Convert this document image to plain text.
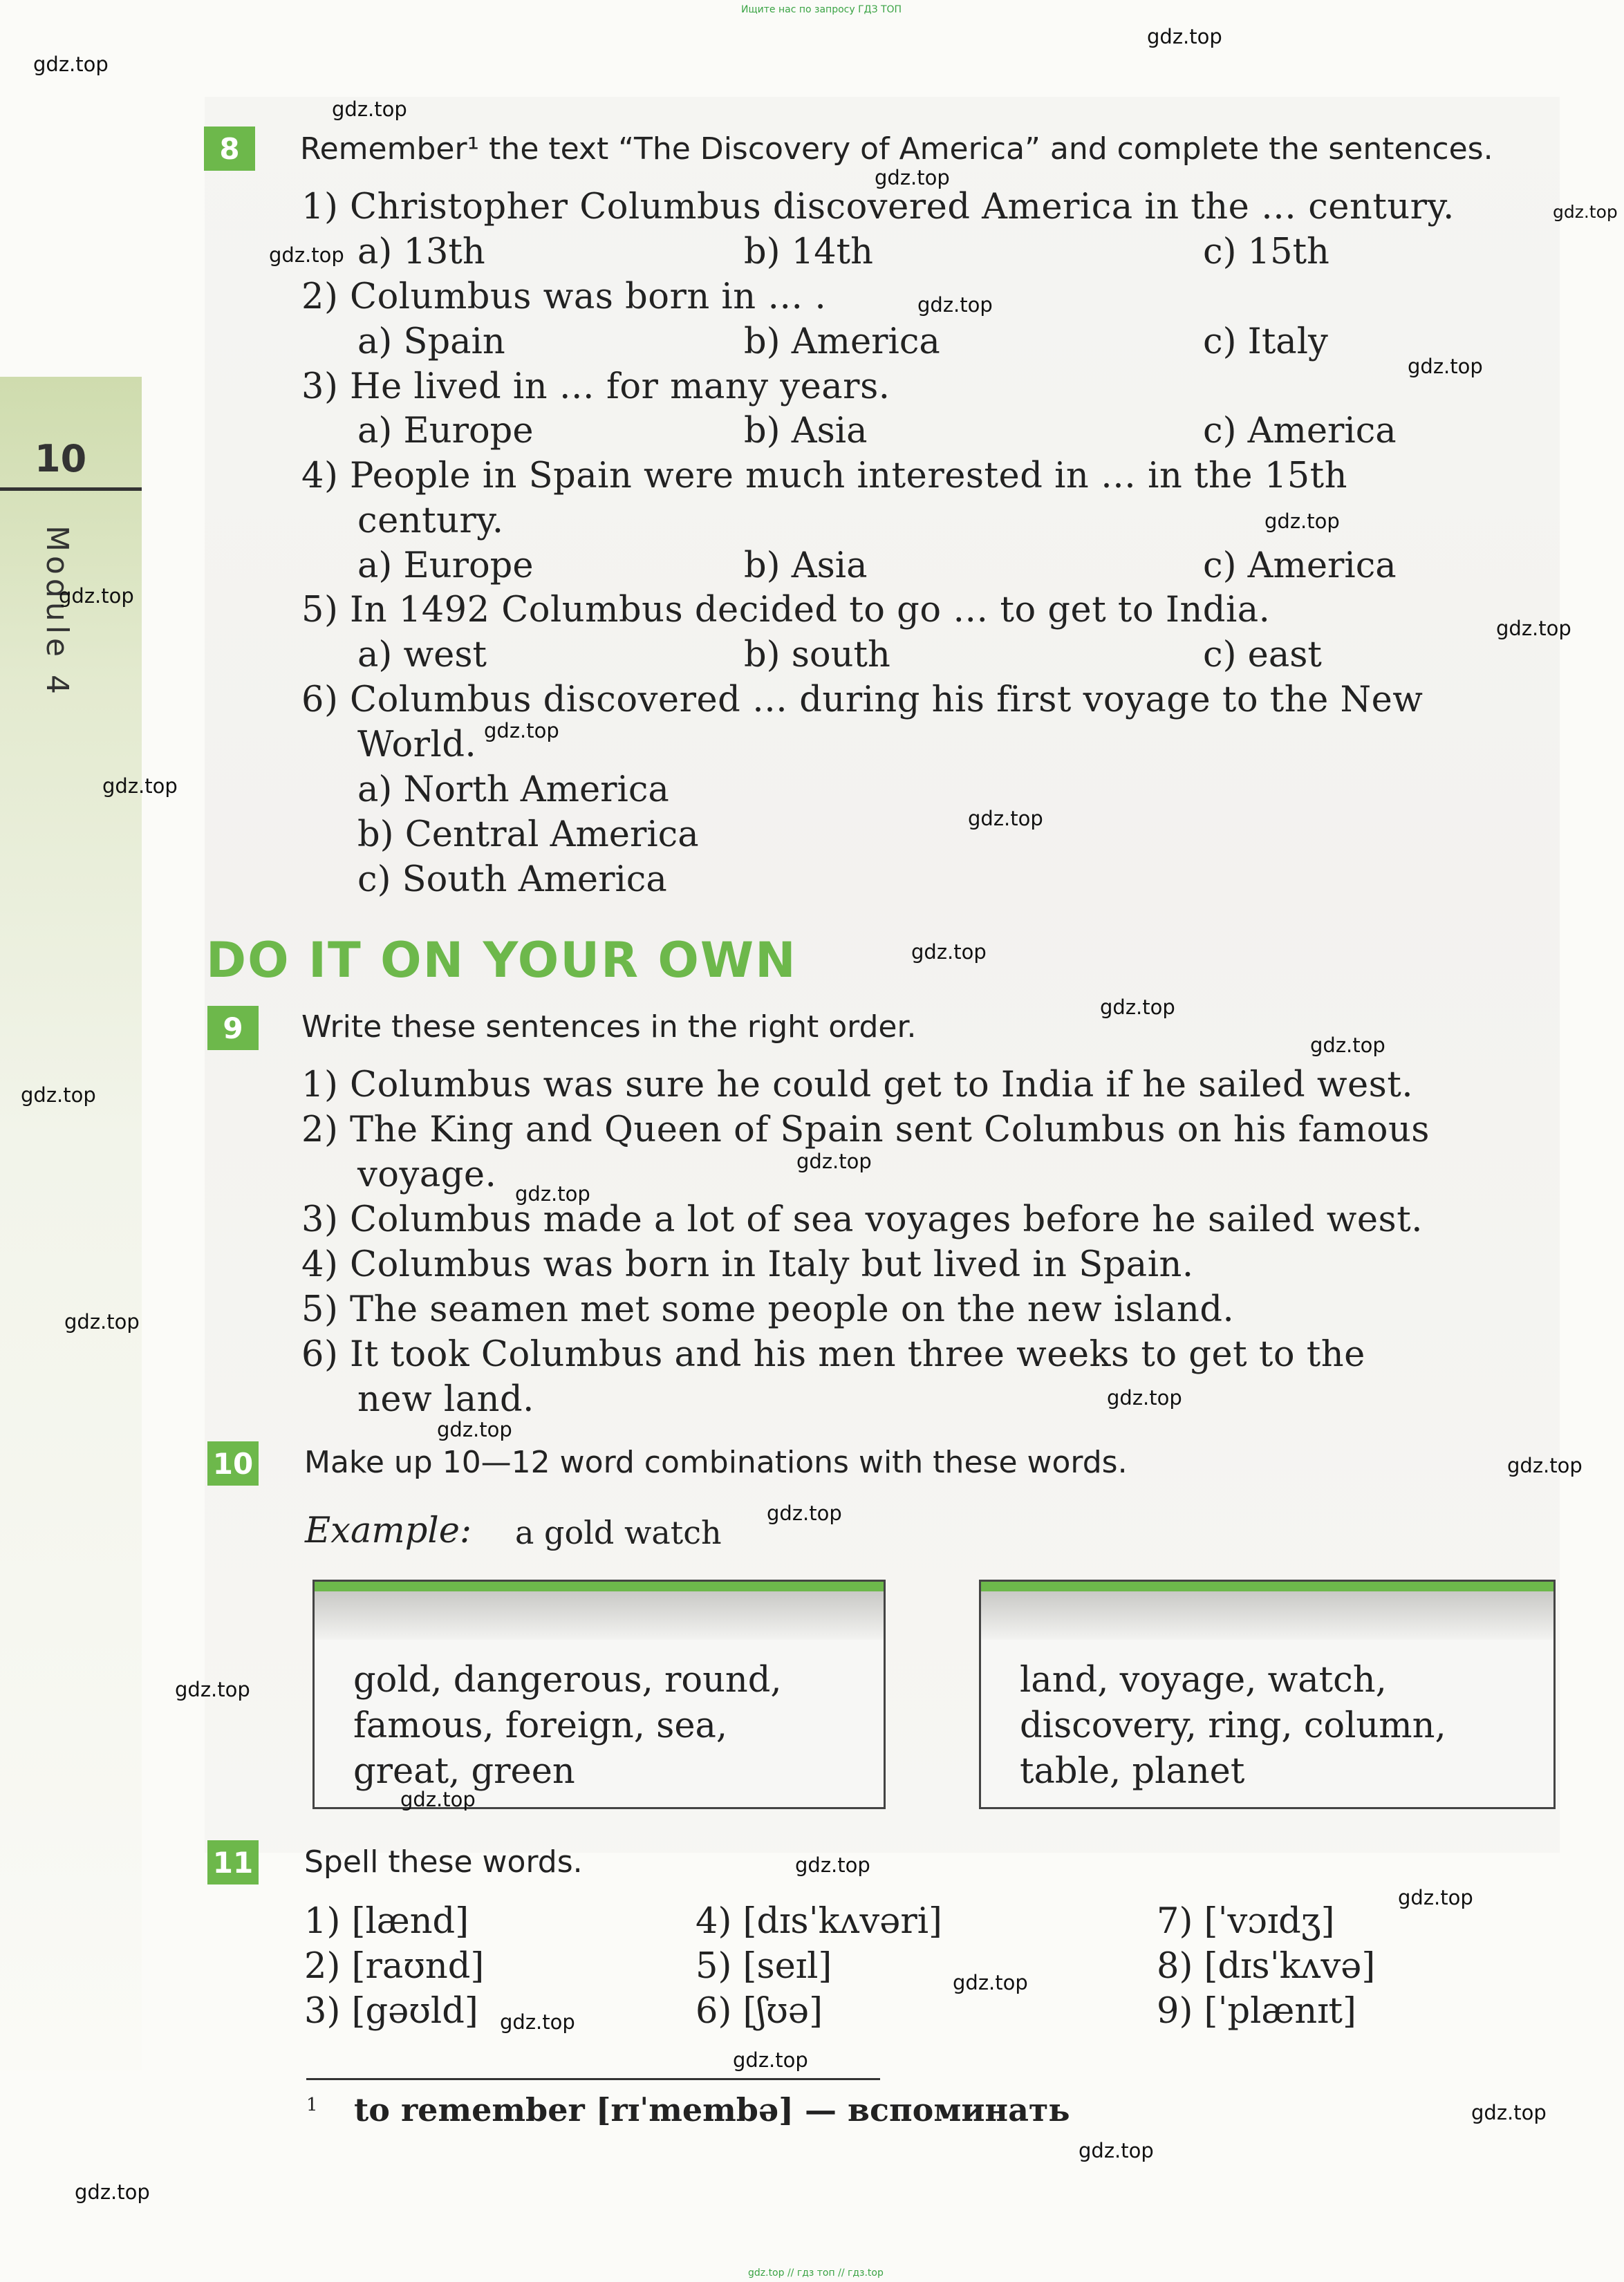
Ищите нас по запросу ГДЗ ТОП
gdz.top // гдз топ // гдз.top
10
Module 4
8	Remember¹ the text “The Discovery of America” and complete the sentences.
1) Christopher Columbus discovered America in the … century.
a) 13th	b) 14th	c) 15th
2) Columbus was born in … .
a) Spain	b) America	c) Italy
3) He lived in … for many years.
a) Europe	b) Asia	c) America
4) People in Spain were much interested in … in the 15th
century.
a) Europe	b) Asia	c) America
5) In 1492 Columbus decided to go … to get to India.
a) west	b) south	c) east
6) Columbus discovered … during his first voyage to the New
World.
a) North America
b) Central America
c) South America
DO IT ON YOUR OWN
9	Write these sentences in the right order.
1) Columbus was sure he could get to India if he sailed west.
2) The King and Queen of Spain sent Columbus on his famous
voyage.
3) Columbus made a lot of sea voyages before he sailed west.
4) Columbus was born in Italy but lived in Spain.
5) The seamen met some people on the new island.
6) It took Columbus and his men three weeks to get to the
new land.
10 Make up 10—12 word combinations with these words.
Example: a gold watch
gold, dangerous, round,
famous, foreign, sea,
great, green
land, voyage, watch,
discovery, ring, column,
table, planet
11 Spell these words.
1) [lænd]
2) [raʊnd]
3) [gəʊld]
4) [dɪsˈkʌvəri]
5) [seɪl]
6) [ʃʊə]
7) [ˈvɔɪdʒ]
8) [dɪsˈkʌvə]
9) [ˈplænɪt]
1 to remember [rɪˈmembə] — вспоминать
gdz.top
gdz.top
gdz.top
gdz.top
gdz.top
gdz.top
gdz.top
gdz.top
gdz.top
gdz.top
gdz.top
gdz.top
gdz.top
gdz.top
gdz.top
gdz.top
gdz.top
gdz.top
gdz.top
gdz.top
gdz.top
gdz.top
gdz.top
gdz.top
gdz.top
gdz.top
gdz.top
gdz.top
gdz.top
gdz.top
gdz.top
gdz.top
gdz.top
gdz.top
gdz.top
